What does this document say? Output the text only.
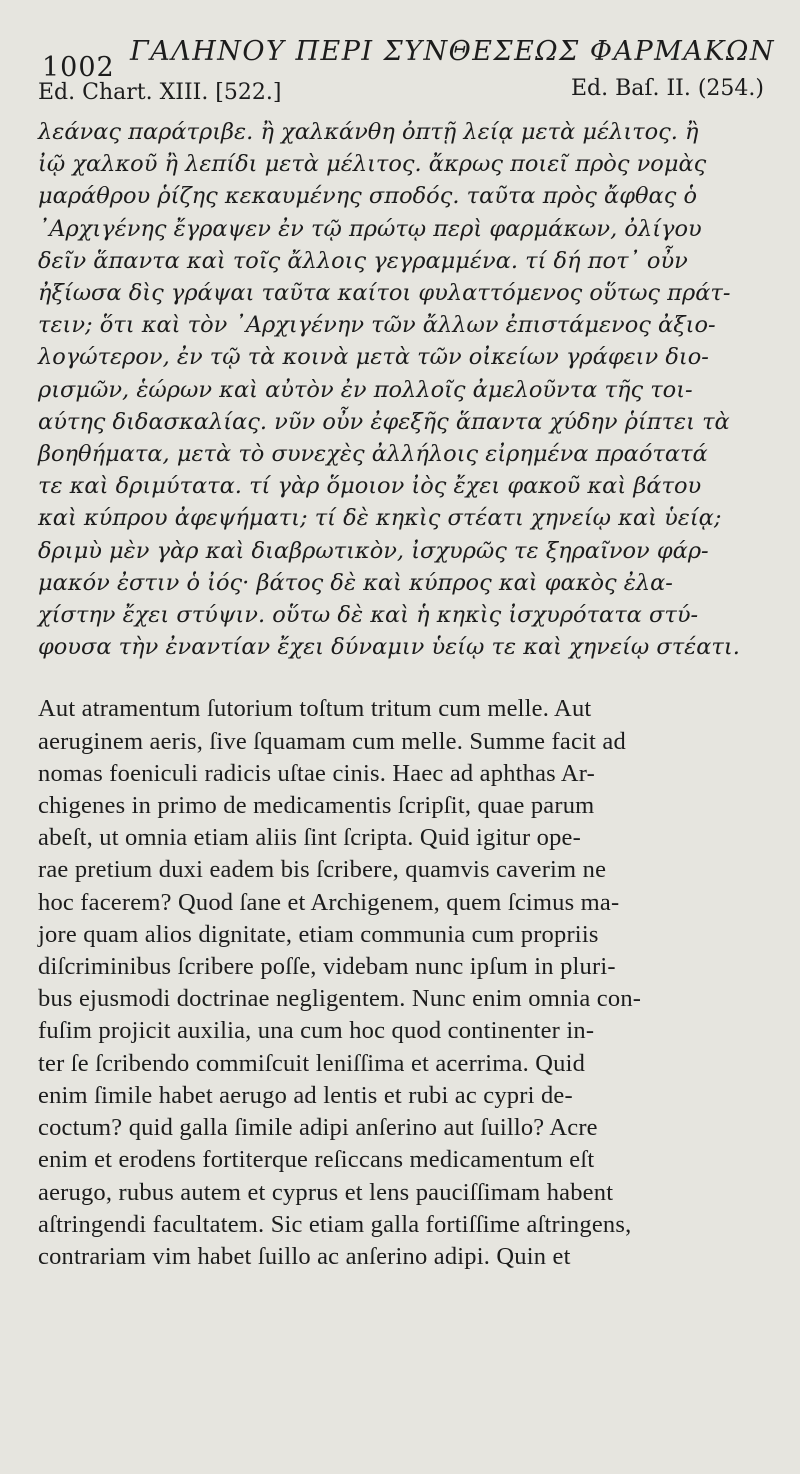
1002
ΓΑΛΗΝΟΥ ΠΕΡΙ ΣΥΝΘΕΣΕΩΣ ΦΑΡΜΑΚΩΝ
Ed. Chart. XIII. [522.]	Ed. Baſ. II. (254.)
λεάνας παράτριβε. ἢ χαλκάνθη ὀπτῇ λείᾳ μετὰ μέλιτος. ἢ
ἰῷ χαλκοῦ ἢ λεπίδι μετὰ μέλιτος. ἄκρως ποιεῖ πρὸς νομὰς
μαράθρου ῥίζης κεκαυμένης σποδός. ταῦτα πρὸς ἄφθας ὁ
᾿Αρχιγένης ἔγραψεν ἐν τῷ πρώτῳ περὶ φαρμάκων, ὀλίγου
δεῖν ἅπαντα καὶ τοῖς ἄλλοις γεγραμμένα. τί δή ποτ᾿ οὖν
ἠξίωσα δὶς γράψαι ταῦτα καίτοι φυλαττόμενος οὕτως πράτ-
τειν; ὅτι καὶ τὸν ᾿Αρχιγένην τῶν ἄλλων ἐπιστάμενος ἀξιο-
λογώτερον, ἐν τῷ τὰ κοινὰ μετὰ τῶν οἰκείων γράφειν διο-
ρισμῶν, ἑώρων καὶ αὐτὸν ἐν πολλοῖς ἀμελοῦντα τῆς τοι-
αύτης διδασκαλίας. νῦν οὖν ἐφεξῆς ἅπαντα χύδην ῥίπτει τὰ
βοηθήματα, μετὰ τὸ συνεχὲς ἀλλήλοις εἰρημένα πραότατά
τε καὶ δριμύτατα. τί γὰρ ὅμοιον ἰὸς ἔχει φακοῦ καὶ βάτου
καὶ κύπρου ἀφεψήματι; τί δὲ κηκὶς στέατι χηνείῳ καὶ ὑείᾳ;
δριμὺ μὲν γὰρ καὶ διαβρωτικὸν, ἰσχυρῶς τε ξηραῖνον φάρ-
μακόν ἐστιν ὁ ἰός· βάτος δὲ καὶ κύπρος καὶ φακὸς ἐλα-
χίστην ἔχει στύψιν. οὕτω δὲ καὶ ἡ κηκὶς ἰσχυρότατα στύ-
φουσα τὴν ἐναντίαν ἔχει δύναμιν ὑείῳ τε καὶ χηνείῳ στέατι.
Aut atramentum ſutorium toſtum tritum cum melle. Aut
aeruginem aeris, ſive ſquamam cum melle. Summe facit ad
nomas foeniculi radicis uſtae cinis. Haec ad aphthas Ar-
chigenes in primo de medicamentis ſcripſit, quae parum
abeſt, ut omnia etiam aliis ſint ſcripta. Quid igitur ope-
rae pretium duxi eadem bis ſcribere, quamvis caverim ne
hoc facerem? Quod ſane et Archigenem, quem ſcimus ma-
jore quam alios dignitate, etiam communia cum propriis
diſcriminibus ſcribere poſſe, videbam nunc ipſum in pluri-
bus ejusmodi doctrinae negligentem. Nunc enim omnia con-
fuſim projicit auxilia, una cum hoc quod continenter in-
ter ſe ſcribendo commiſcuit leniſſima et acerrima. Quid
enim ſimile habet aerugo ad lentis et rubi ac cypri de-
coctum? quid galla ſimile adipi anſerino aut ſuillo? Acre
enim et erodens fortiterque reſiccans medicamentum eſt
aerugo, rubus autem et cyprus et lens pauciſſimam habent
aſtringendi facultatem. Sic etiam galla fortiſſime aſtringens,
contrariam vim habet ſuillo ac anſerino adipi. Quin et
